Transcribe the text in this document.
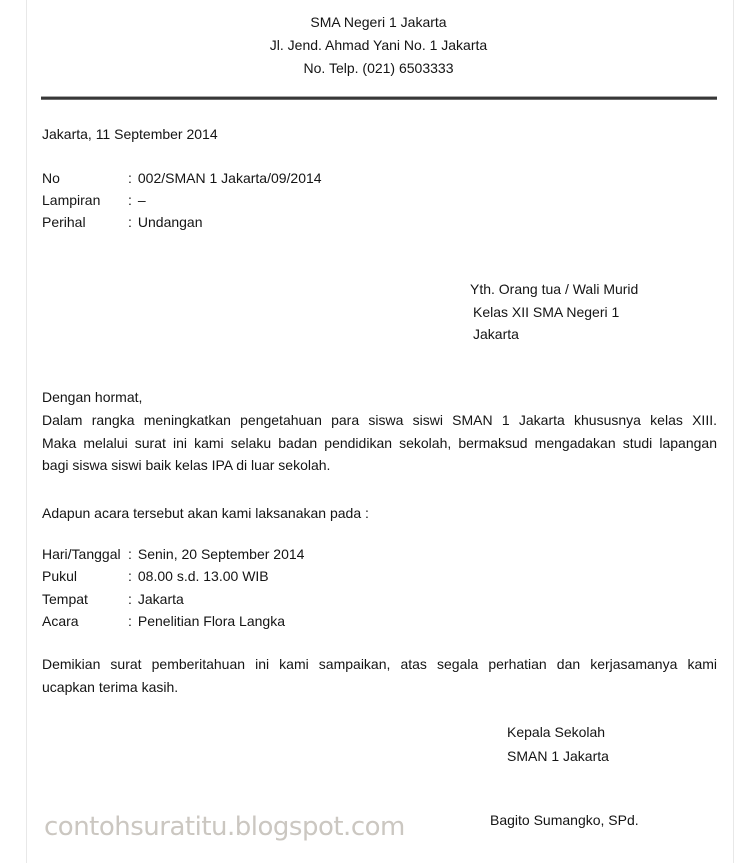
SMA Negeri 1 Jakarta
Jl. Jend. Ahmad Yani No. 1 Jakarta
No. Telp. (021) 6503333
Jakarta, 11 September 2014
No	: 002/SMAN 1 Jakarta/09/2014
Lampiran : –
Perihal	: Undangan
Yth. Orang tua / Wali Murid
Kelas XII SMA Negeri 1
Jakarta
Dengan hormat,
Dalam rangka meningkatkan pengetahuan para siswa siswi SMAN 1 Jakarta khususnya kelas XIII.
Maka melalui surat ini kami selaku badan pendidikan sekolah, bermaksud mengadakan studi lapangan
bagi siswa siswi baik kelas IPA di luar sekolah.
Adapun acara tersebut akan kami laksanakan pada :
Hari/Tanggal : Senin, 20 September 2014
Pukul	: 08.00 s.d. 13.00 WIB
Tempat	: Jakarta
Acara	: Penelitian Flora Langka
Demikian surat pemberitahuan ini kami sampaikan, atas segala perhatian dan kerjasamanya kami
ucapkan terima kasih.
Kepala Sekolah
SMAN 1 Jakarta
Bagito Sumangko, SPd.
contohsuratitu.blogspot.com
